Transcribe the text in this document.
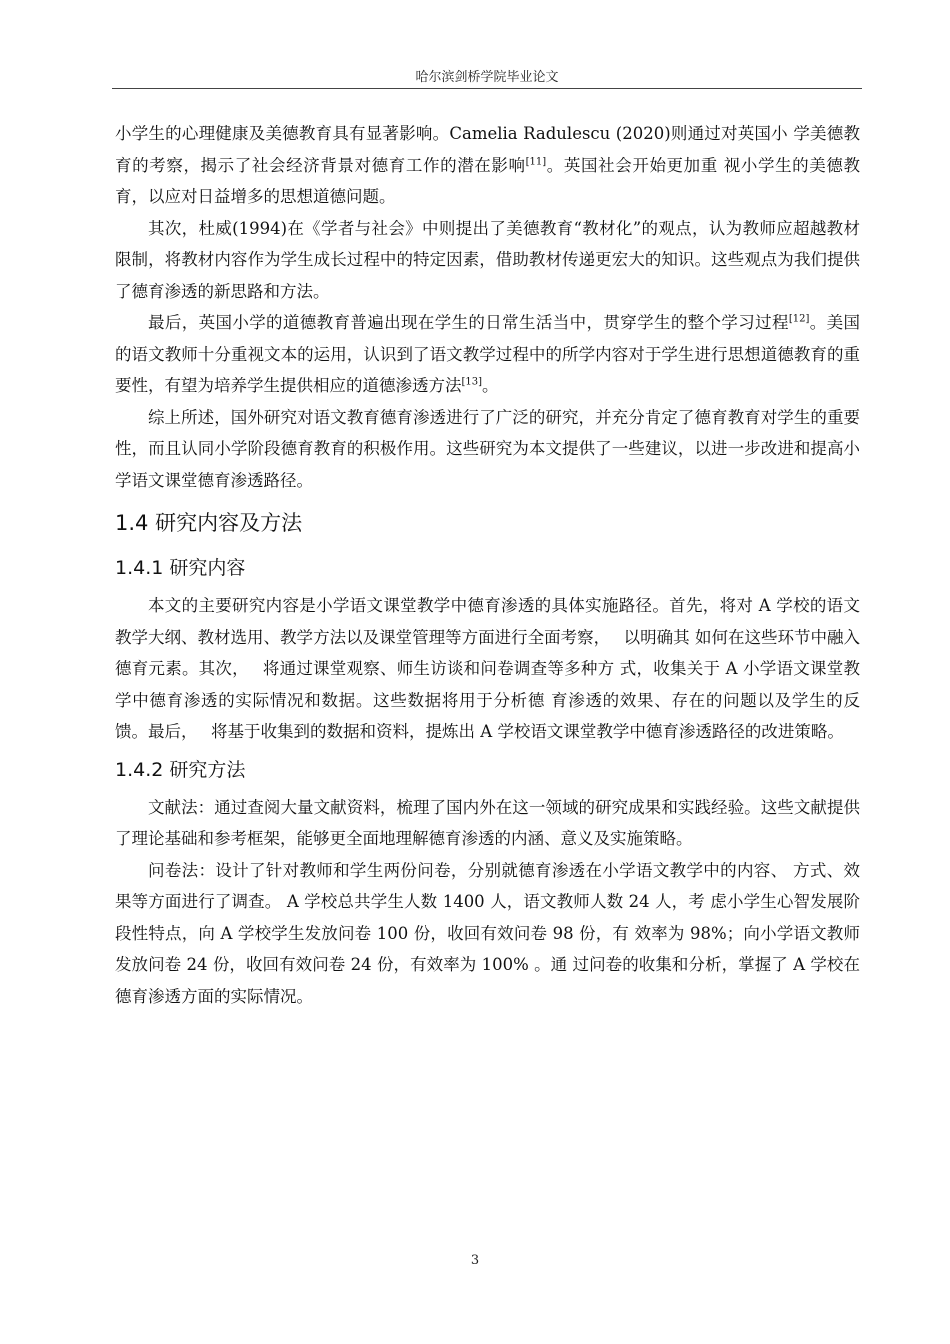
哈尔滨剑桥学院毕业论文

小学生的心理健康及美德教育具有显著影响。Camelia Radulescu (2020)则通过对英国小 学美德教育的考察，揭示了社会经济背景对德育工作的潜在影响[11]。英国社会开始更加重 视小学生的美德教育，以应对日益增多的思想道德问题。

其次，杜威(1994)在《学者与社会》中则提出了美德教育“教材化”的观点，认为教师应超越教材限制，将教材内容作为学生成长过程中的特定因素，借助教材传递更宏大的知识。这些观点为我们提供了德育渗透的新思路和方法。

最后，英国小学的道德教育普遍出现在学生的日常生活当中，贯穿学生的整个学习过程[12]。美国的语文教师十分重视文本的运用，认识到了语文教学过程中的所学内容对于学生进行思想道德教育的重要性，有望为培养学生提供相应的道德渗透方法[13]。

综上所述，国外研究对语文教育德育渗透进行了广泛的研究，并充分肯定了德育教育对学生的重要性，而且认同小学阶段德育教育的积极作用。这些研究为本文提供了一些建议，以进一步改进和提高小学语文课堂德育渗透路径。

1.4 研究内容及方法
1.4.1 研究内容

本文的主要研究内容是小学语文课堂教学中德育渗透的具体实施路径。首先，将对 A 学校的语文教学大纲、教材选用、教学方法以及课堂管理等方面进行全面考察，　 以明确其 如何在这些环节中融入德育元素。其次，　 将通过课堂观察、师生访谈和问卷调查等多种方 式，收集关于 A 小学语文课堂教学中德育渗透的实际情况和数据。这些数据将用于分析德 育渗透的效果、存在的问题以及学生的反馈。最后，　 将基于收集到的数据和资料，提炼出 A 学校语文课堂教学中德育渗透路径的改进策略。

1.4.2 研究方法

文献法：通过查阅大量文献资料，梳理了国内外在这一领域的研究成果和实践经验。这些文献提供了理论基础和参考框架，能够更全面地理解德育渗透的内涵、意义及实施策略。

问卷法：设计了针对教师和学生两份问卷，分别就德育渗透在小学语文教学中的内容、 方式、效果等方面进行了调查。 A 学校总共学生人数 1400 人，语文教师人数 24 人，考 虑小学生心智发展阶段性特点，向 A 学校学生发放问卷 100 份，收回有效问卷 98 份，有 效率为 98%；向小学语文教师发放问卷 24 份，收回有效问卷 24 份，有效率为 100% 。通 过问卷的收集和分析，掌握了 A 学校在德育渗透方面的实际情况。

3
